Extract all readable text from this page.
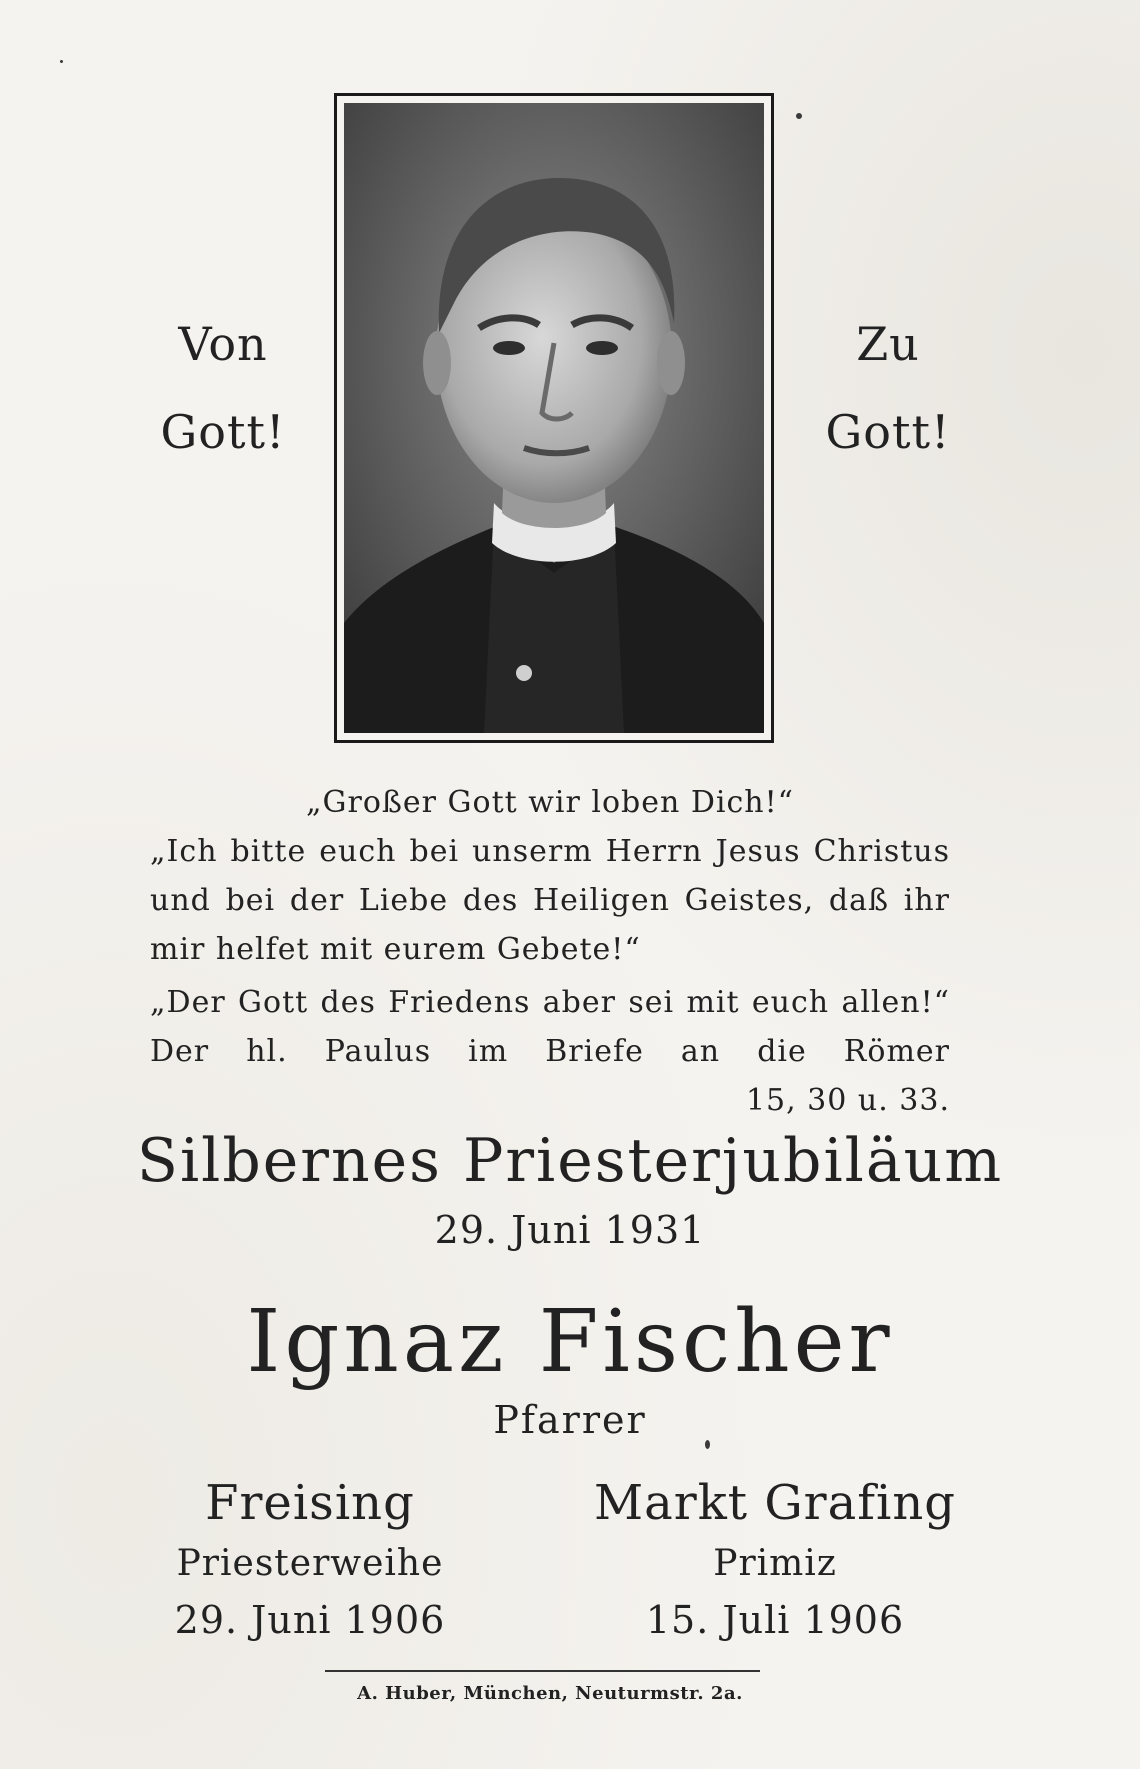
Von
Gott!
Zu
Gott!
„Großer Gott wir loben Dich!“
„Ich bitte euch bei unserm Herrn Jesus Christus
und bei der Liebe des Heiligen Geistes, daß ihr
mir helfet mit eurem Gebete!“
„Der Gott des Friedens aber sei mit euch allen!“
Der hl. Paulus im Briefe an die Römer
15, 30 u. 33.
Silbernes Priesterjubiläum
29. Juni 1931
Ignaz Fischer
Pfarrer
Freising
Priesterweihe
29. Juni 1906
Markt Grafing
Primiz
15. Juli 1906
A. Huber, München, Neuturmstr. 2a.
